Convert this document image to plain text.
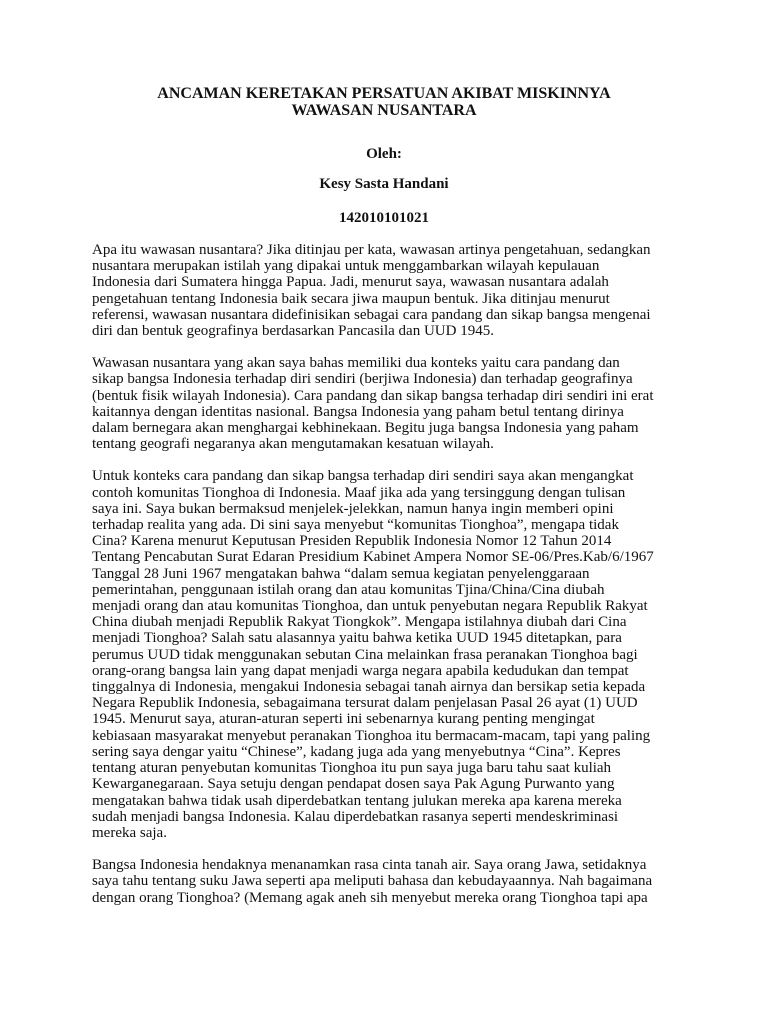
ANCAMAN KERETAKAN PERSATUAN AKIBAT MISKINNYA
WAWASAN NUSANTARA

Oleh:

Kesy Sasta Handani

142010101021

Apa itu wawasan nusantara? Jika ditinjau per kata, wawasan artinya pengetahuan, sedangkan
nusantara merupakan istilah yang dipakai untuk menggambarkan wilayah kepulauan
Indonesia dari Sumatera hingga Papua. Jadi, menurut saya, wawasan nusantara adalah
pengetahuan tentang Indonesia baik secara jiwa maupun bentuk. Jika ditinjau menurut
referensi, wawasan nusantara didefinisikan sebagai cara pandang dan sikap bangsa mengenai
diri dan bentuk geografinya berdasarkan Pancasila dan UUD 1945.

Wawasan nusantara yang akan saya bahas memiliki dua konteks yaitu cara pandang dan
sikap bangsa Indonesia terhadap diri sendiri (berjiwa Indonesia) dan terhadap geografinya
(bentuk fisik wilayah Indonesia). Cara pandang dan sikap bangsa terhadap diri sendiri ini erat
kaitannya dengan identitas nasional. Bangsa Indonesia yang paham betul tentang dirinya
dalam bernegara akan menghargai kebhinekaan. Begitu juga bangsa Indonesia yang paham
tentang geografi negaranya akan mengutamakan kesatuan wilayah.

Untuk konteks cara pandang dan sikap bangsa terhadap diri sendiri saya akan mengangkat
contoh komunitas Tionghoa di Indonesia. Maaf jika ada yang tersinggung dengan tulisan
saya ini. Saya bukan bermaksud menjelek-jelekkan, namun hanya ingin memberi opini
terhadap realita yang ada. Di sini saya menyebut “komunitas Tionghoa”, mengapa tidak
Cina? Karena menurut Keputusan Presiden Republik Indonesia Nomor 12 Tahun 2014
Tentang Pencabutan Surat Edaran Presidium Kabinet Ampera Nomor SE-06/Pres.Kab/6/1967
Tanggal 28 Juni 1967 mengatakan bahwa “dalam semua kegiatan penyelenggaraan
pemerintahan, penggunaan istilah orang dan atau komunitas Tjina/China/Cina diubah
menjadi orang dan atau komunitas Tionghoa, dan untuk penyebutan negara Republik Rakyat
China diubah menjadi Republik Rakyat Tiongkok”. Mengapa istilahnya diubah dari Cina
menjadi Tionghoa? Salah satu alasannya yaitu bahwa ketika UUD 1945 ditetapkan, para
perumus UUD tidak menggunakan sebutan Cina melainkan frasa peranakan Tionghoa bagi
orang-orang bangsa lain yang dapat menjadi warga negara apabila kedudukan dan tempat
tinggalnya di Indonesia, mengakui Indonesia sebagai tanah airnya dan bersikap setia kepada
Negara Republik Indonesia, sebagaimana tersurat dalam penjelasan Pasal 26 ayat (1) UUD
1945. Menurut saya, aturan-aturan seperti ini sebenarnya kurang penting mengingat
kebiasaan masyarakat menyebut peranakan Tionghoa itu bermacam-macam, tapi yang paling
sering saya dengar yaitu “Chinese”, kadang juga ada yang menyebutnya “Cina”. Kepres
tentang aturan penyebutan komunitas Tionghoa itu pun saya juga baru tahu saat kuliah
Kewarganegaraan. Saya setuju dengan pendapat dosen saya Pak Agung Purwanto yang
mengatakan bahwa tidak usah diperdebatkan tentang julukan mereka apa karena mereka
sudah menjadi bangsa Indonesia. Kalau diperdebatkan rasanya seperti mendeskriminasi
mereka saja.

Bangsa Indonesia hendaknya menanamkan rasa cinta tanah air. Saya orang Jawa, setidaknya
saya tahu tentang suku Jawa seperti apa meliputi bahasa dan kebudayaannya. Nah bagaimana
dengan orang Tionghoa? (Memang agak aneh sih menyebut mereka orang Tionghoa tapi apa
